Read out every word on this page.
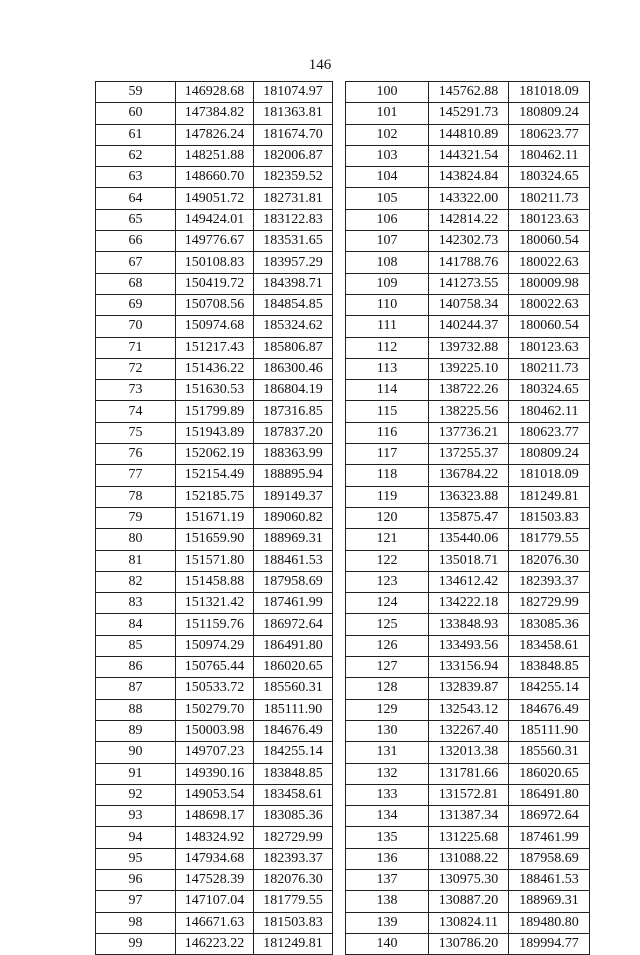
146
59	146928.68	181074.97
60	147384.82	181363.81
61	147826.24	181674.70
62	148251.88	182006.87
63	148660.70	182359.52
64	149051.72	182731.81
65	149424.01	183122.83
66	149776.67	183531.65
67	150108.83	183957.29
68	150419.72	184398.71
69	150708.56	184854.85
70	150974.68	185324.62
71	151217.43	185806.87
72	151436.22	186300.46
73	151630.53	186804.19
74	151799.89	187316.85
75	151943.89	187837.20
76	152062.19	188363.99
77	152154.49	188895.94
78	152185.75	189149.37
79	151671.19	189060.82
80	151659.90	188969.31
81	151571.80	188461.53
82	151458.88	187958.69
83	151321.42	187461.99
84	151159.76	186972.64
85	150974.29	186491.80
86	150765.44	186020.65
87	150533.72	185560.31
88	150279.70	185111.90
89	150003.98	184676.49
90	149707.23	184255.14
91	149390.16	183848.85
92	149053.54	183458.61
93	148698.17	183085.36
94	148324.92	182729.99
95	147934.68	182393.37
96	147528.39	182076.30
97	147107.04	181779.55
98	146671.63	181503.83
99	146223.22	181249.81
100	145762.88	181018.09
101	145291.73	180809.24
102	144810.89	180623.77
103	144321.54	180462.11
104	143824.84	180324.65
105	143322.00	180211.73
106	142814.22	180123.63
107	142302.73	180060.54
108	141788.76	180022.63
109	141273.55	180009.98
110	140758.34	180022.63
111	140244.37	180060.54
112	139732.88	180123.63
113	139225.10	180211.73
114	138722.26	180324.65
115	138225.56	180462.11
116	137736.21	180623.77
117	137255.37	180809.24
118	136784.22	181018.09
119	136323.88	181249.81
120	135875.47	181503.83
121	135440.06	181779.55
122	135018.71	182076.30
123	134612.42	182393.37
124	134222.18	182729.99
125	133848.93	183085.36
126	133493.56	183458.61
127	133156.94	183848.85
128	132839.87	184255.14
129	132543.12	184676.49
130	132267.40	185111.90
131	132013.38	185560.31
132	131781.66	186020.65
133	131572.81	186491.80
134	131387.34	186972.64
135	131225.68	187461.99
136	131088.22	187958.69
137	130975.30	188461.53
138	130887.20	188969.31
139	130824.11	189480.80
140	130786.20	189994.77
